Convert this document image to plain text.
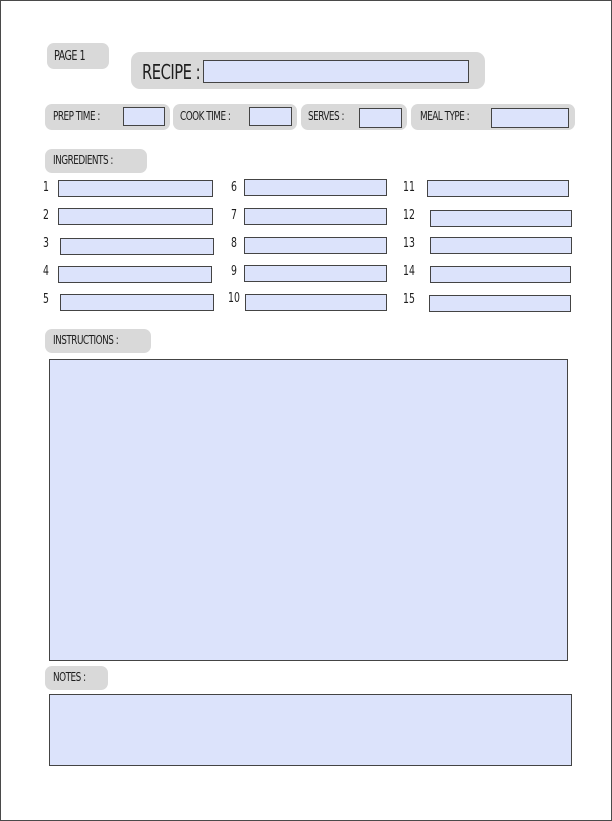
PAGE 1
RECIPE :
PREP TIME :	COOK TIME :	SERVES :	MEAL TYPE :
INGREDIENTS :
1
2
3
4
5
6
7
8
9
10
11
12
13
14
15
INSTRUCTIONS :
NOTES :
